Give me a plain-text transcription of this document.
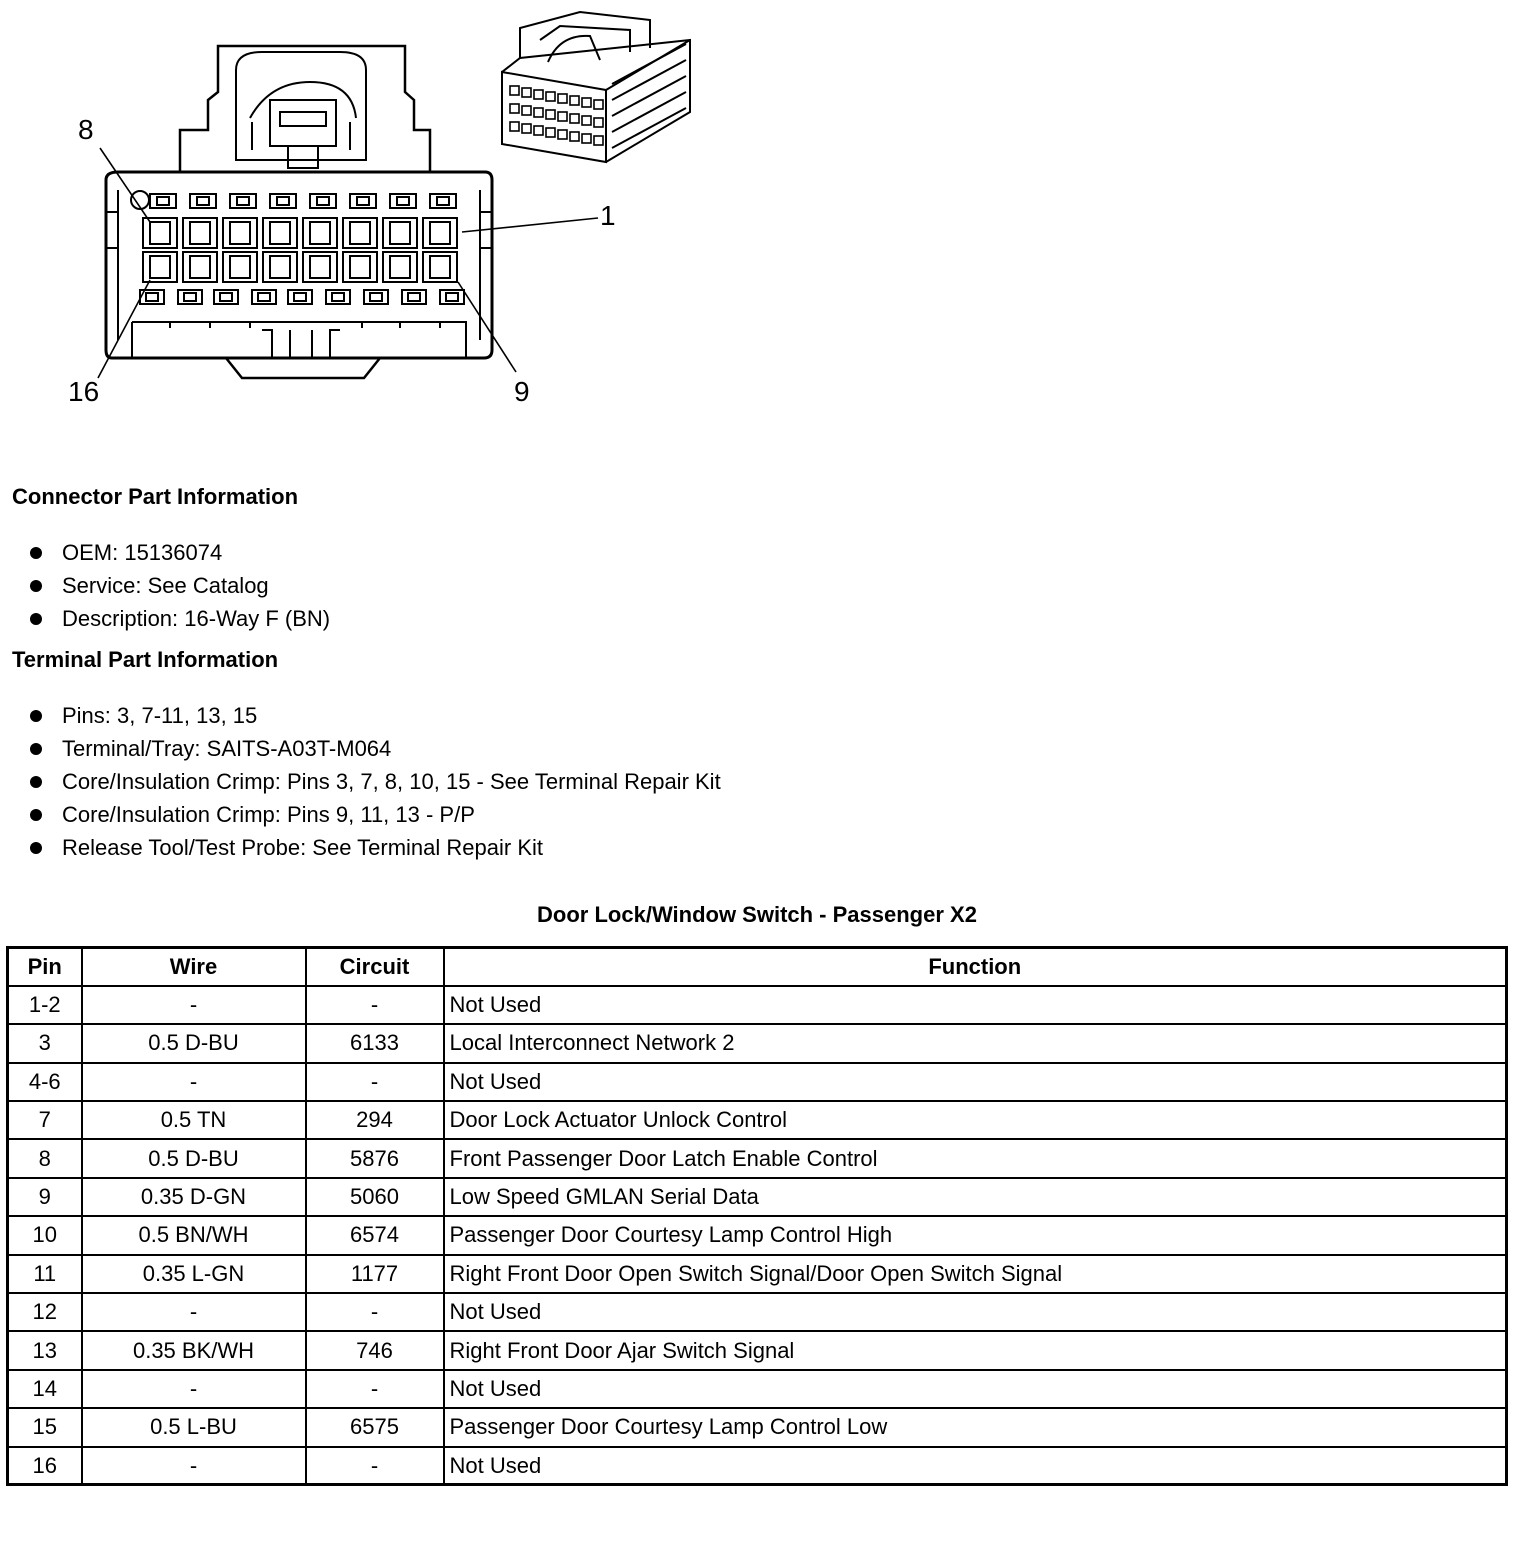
8
1
16	9
Connector Part Information
OEM: 15136074
Service: See Catalog
Description: 16-Way F (BN)
Terminal Part Information
Pins: 3, 7-11, 13, 15
Terminal/Tray: SAITS-A03T-M064
Core/Insulation Crimp: Pins 3, 7, 8, 10, 15 - See Terminal Repair Kit
Core/Insulation Crimp: Pins 9, 11, 13 - P/P
Release Tool/Test Probe: See Terminal Repair Kit
Door Lock/Window Switch - Passenger X2
Pin	Wire	Circuit	Function
1-2	-	-	Not Used
3	0.5 D-BU	6133	Local Interconnect Network 2
4-6	-	-	Not Used
7	0.5 TN	294	Door Lock Actuator Unlock Control
8	0.5 D-BU	5876	Front Passenger Door Latch Enable Control
9	0.35 D-GN	5060	Low Speed GMLAN Serial Data
10	0.5 BN/WH	6574	Passenger Door Courtesy Lamp Control High
11	0.35 L-GN	1177	Right Front Door Open Switch Signal/Door Open Switch Signal
12	-	-	Not Used
13	0.35 BK/WH	746	Right Front Door Ajar Switch Signal
14	-	-	Not Used
15	0.5 L-BU	6575	Passenger Door Courtesy Lamp Control Low
16	-	-	Not Used
